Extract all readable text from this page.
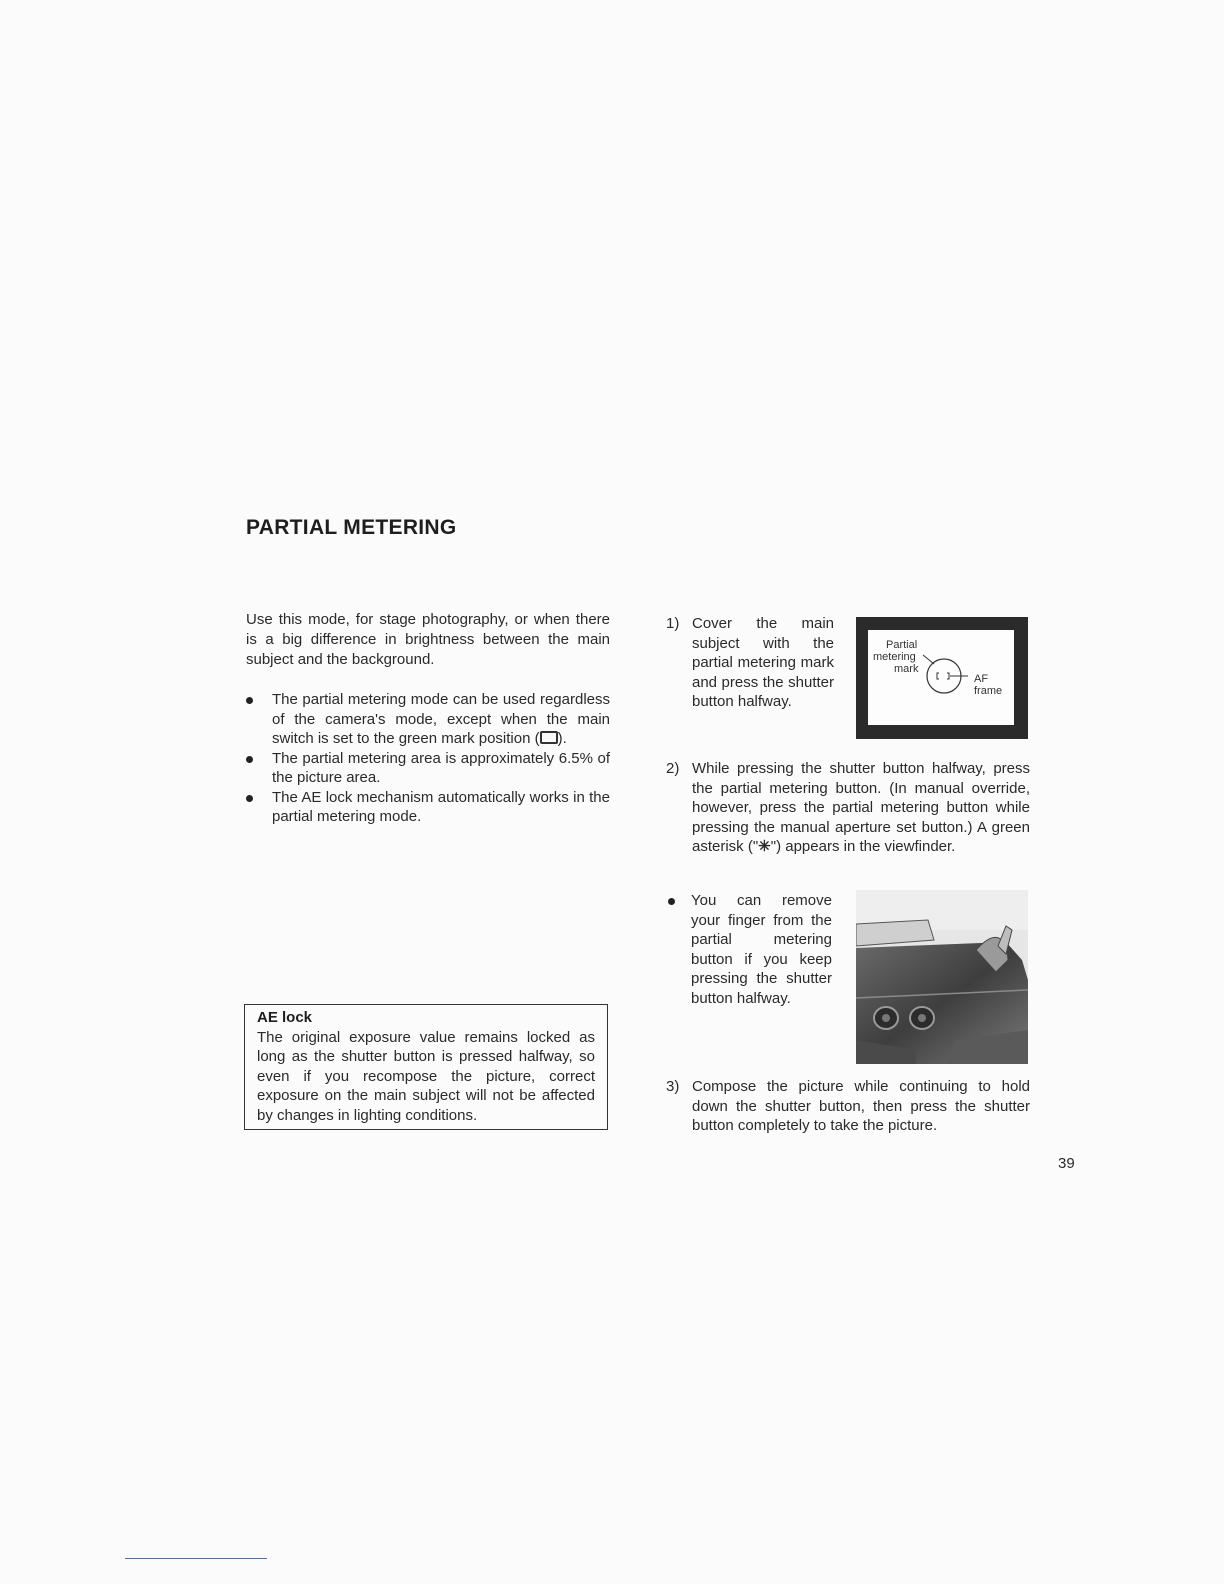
PARTIAL METERING

Use this mode, for stage photography, or when there is a big difference in brightness between the main subject and the background.

The partial metering mode can be used regardless of the camera's mode, except when the main switch is set to the green mark position ( ).
The partial metering area is approximately 6.5% of the picture area.
The AE lock mechanism automatically works in the partial metering mode.
AE lock
The original exposure value remains locked as long as the shutter button is pressed halfway, so even if you recompose the picture, correct exposure on the main subject will not be affected by changes in lighting conditions.
1) Cover the main subject with the partial metering mark and press the shutter button halfway.
Partial
metering
mark
AF
frame
2) While pressing the shutter button halfway, press the partial metering button. (In manual override, however, press the partial metering button while pressing the manual aperture set button.) A green asterisk ("✳") appears in the viewfinder.
You can remove your finger from the partial metering button if you keep pressing the shutter button halfway.
3) Compose the picture while continuing to hold down the shutter button, then press the shutter button completely to take the picture.
39
